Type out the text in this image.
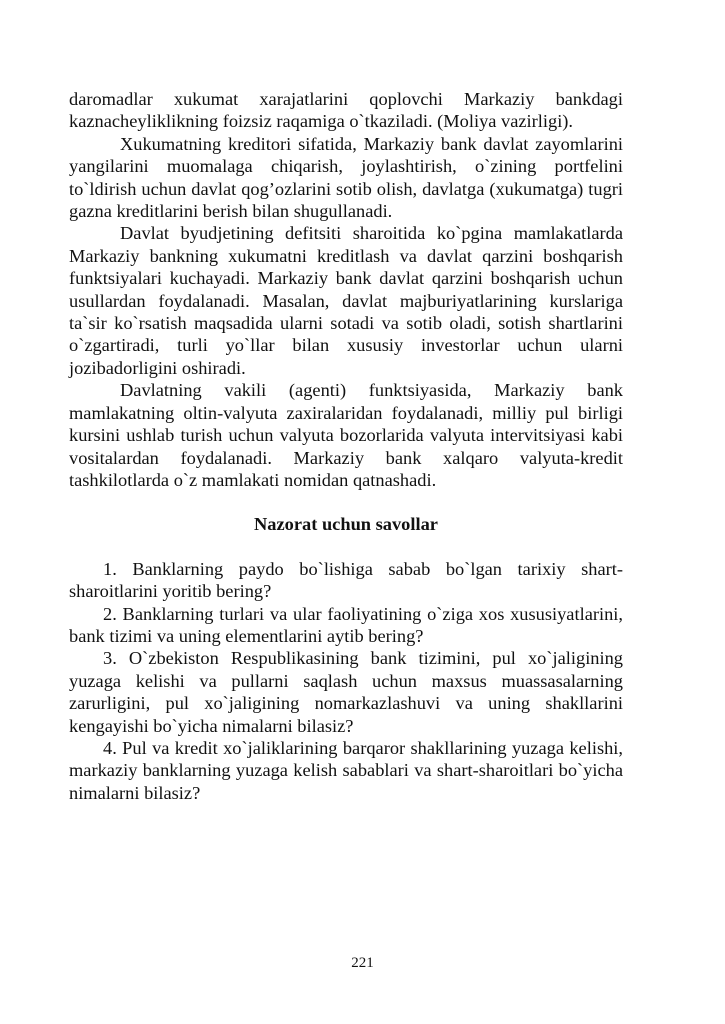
daromadlar xukumat xarajatlarini qoplovchi Markaziy bankdagi kaznacheyliklikning foizsiz raqamiga o`tkaziladi. (Moliya vazirligi).

Xukumatning kreditori sifatida, Markaziy bank davlat zayomlarini yangilarini muomalaga chiqarish, joylashtirish, o`zining portfelini to`ldirish uchun davlat qog’ozlarini sotib olish, davlatga (xukumatga) tugri gazna kreditlarini berish bilan shugullanadi.

Davlat byudjetining defitsiti sharoitida ko`pgina mamlakatlarda Markaziy bankning xukumatni kreditlash va davlat qarzini boshqarish funktsiyalari kuchayadi. Markaziy bank davlat qarzini boshqarish uchun usullardan foydalanadi. Masalan, davlat majburiyatlarining kurslariga ta`sir ko`rsatish maqsadida ularni sotadi va sotib oladi, sotish shartlarini o`zgartiradi, turli yo`llar bilan xususiy investorlar uchun ularni jozibadorligini oshiradi.

Davlatning vakili (agenti) funktsiyasida, Markaziy bank mamlakatning oltin-valyuta zaxiralaridan foydalanadi, milliy pul birligi kursini ushlab turish uchun valyuta bozorlarida valyuta intervitsiyasi kabi vositalardan foydalanadi. Markaziy bank xalqaro valyuta-kredit tashkilotlarda o`z mamlakati nomidan qatnashadi.

Nazorat uchun savollar
1. Banklarning paydo bo`lishiga sabab bo`lgan tarixiy shart-sharoitlarini yoritib bering?
2. Banklarning turlari va ular faoliyatining o`ziga xos xususiyatlarini, bank tizimi va uning elementlarini aytib bering?
3. O`zbekiston Respublikasining bank tizimini, pul xo`jaligining yuzaga kelishi va pullarni saqlash uchun maxsus muassasalarning zarurligini, pul xo`jaligining nomarkazlashuvi va uning shakllarini kengayishi bo`yicha nimalarni bilasiz?
4. Pul va kredit xo`jaliklarining barqaror shakllarining yuzaga kelishi, markaziy banklarning yuzaga kelish sabablari va shart-sharoitlari bo`yicha nimalarni bilasiz?
221
